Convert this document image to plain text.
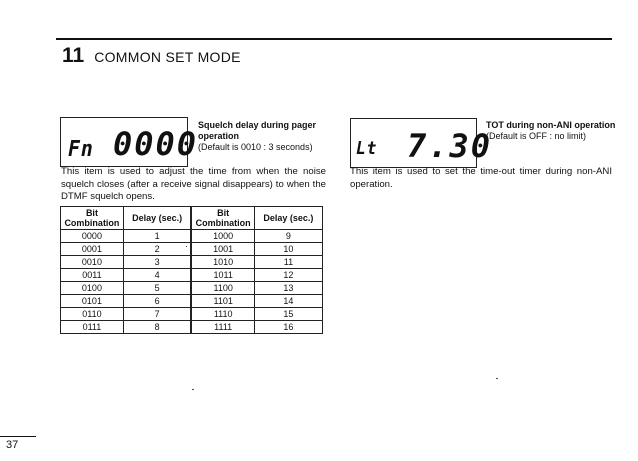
11 COMMON SET MODE
Fn 0000 Squelch delay during pager operation
(Default is 0010 : 3 seconds)
This item is used to adjust the time from when the noise squelch closes (after a receive signal disappears) to when the DTMF squelch opens.
Bit Combination	Delay (sec.)	Bit Combination	Delay (sec.)
0000	1	1000	9
0001	2	1001	10
0010	3	1010	11
0011	4	1011	12
0100	5	1100	13
0101	6	1101	14
0110	7	1110	15
0111	8	1111	16
Lt 7.30
TOT during non-ANI operation
(Default is OFF : no limit)
This item is used to set the time-out timer during non-ANI operation.
37
